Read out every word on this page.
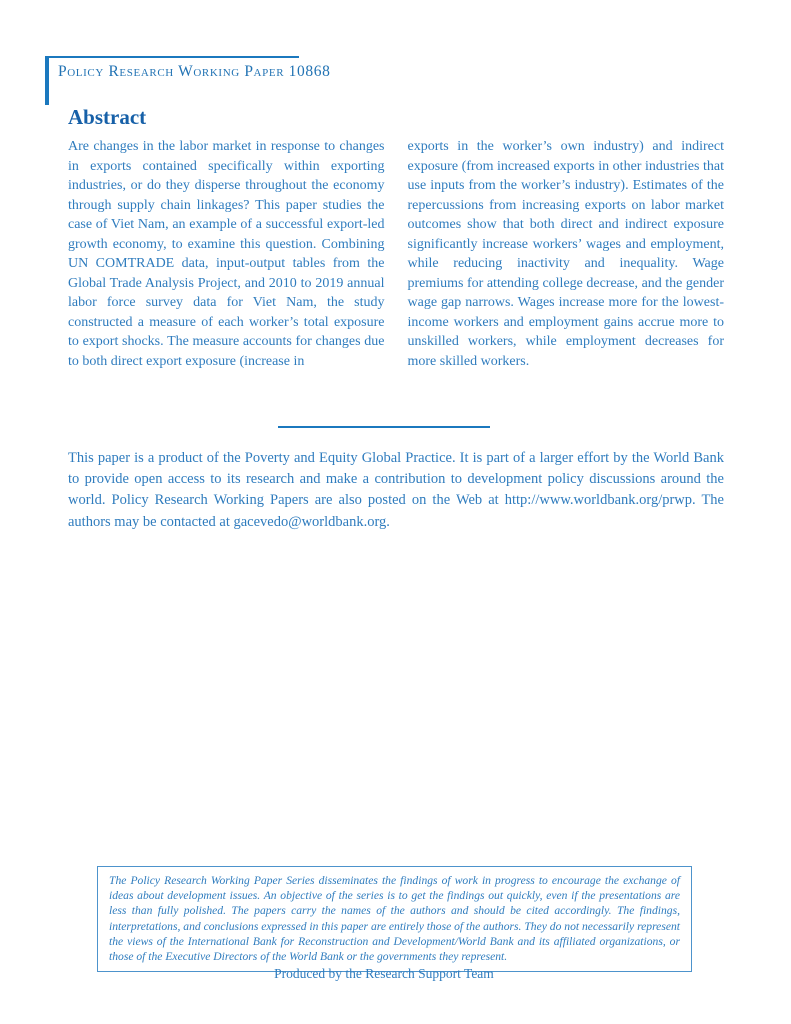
Policy Research Working Paper 10868
Abstract

Are changes in the labor market in response to changes in exports contained specifically within exporting industries, or do they disperse throughout the economy through supply chain linkages? This paper studies the case of Viet Nam, an example of a successful export-led growth economy, to examine this question. Combining UN COMTRADE data, input-output tables from the Global Trade Analysis Project, and 2010 to 2019 annual labor force survey data for Viet Nam, the study constructed a measure of each worker’s total exposure to export shocks. The measure accounts for changes due to both direct export exposure (increase in

exports in the worker’s own industry) and indirect exposure (from increased exports in other industries that use inputs from the worker’s industry). Estimates of the repercussions from increasing exports on labor market outcomes show that both direct and indirect exposure significantly increase workers’ wages and employment, while reducing inactivity and inequality. Wage premiums for attending college decrease, and the gender wage gap narrows. Wages increase more for the lowest-income workers and employment gains accrue more to unskilled workers, while employment decreases for more skilled workers.

This paper is a product of the Poverty and Equity Global Practice. It is part of a larger effort by the World Bank to provide open access to its research and make a contribution to development policy discussions around the world. Policy Research Working Papers are also posted on the Web at http://www.worldbank.org/prwp. The authors may be contacted at gacevedo@worldbank.org.

The Policy Research Working Paper Series disseminates the findings of work in progress to encourage the exchange of ideas about development issues. An objective of the series is to get the findings out quickly, even if the presentations are less than fully polished. The papers carry the names of the authors and should be cited accordingly. The findings, interpretations, and conclusions expressed in this paper are entirely those of the authors. They do not necessarily represent the views of the International Bank for Reconstruction and Development/World Bank and its affiliated organizations, or those of the Executive Directors of the World Bank or the governments they represent.

Produced by the Research Support Team
